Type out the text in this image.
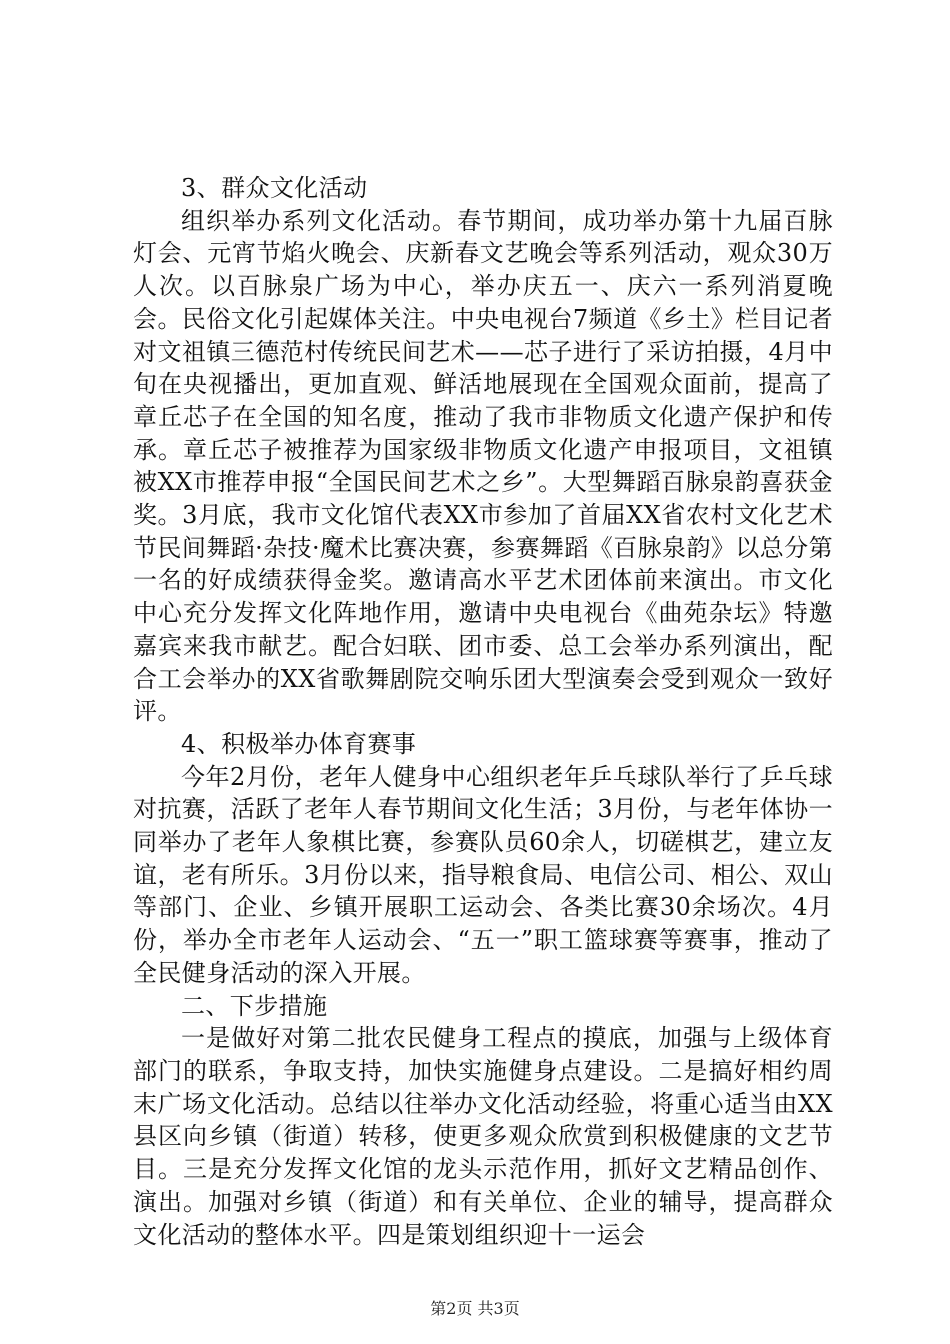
3、群众文化活动

组织举办系列文化活动。春节期间，成功举办第十九届百脉灯会、元宵节焰火晚会、庆新春文艺晚会等系列活动，观众30万人次。以百脉泉广场为中心，举办庆五一、庆六一系列消夏晚会。民俗文化引起媒体关注。中央电视台7频道《乡土》栏目记者对文祖镇三德范村传统民间艺术——芯子进行了采访拍摄，4月中旬在央视播出，更加直观、鲜活地展现在全国观众面前，提高了章丘芯子在全国的知名度，推动了我市非物质文化遗产保护和传承。章丘芯子被推荐为国家级非物质文化遗产申报项目，文祖镇被XX市推荐申报“全国民间艺术之乡”。大型舞蹈百脉泉韵喜获金奖。3月底，我市文化馆代表XX市参加了首届XX省农村文化艺术节民间舞蹈·杂技·魔术比赛决赛，参赛舞蹈《百脉泉韵》以总分第一名的好成绩获得金奖。邀请高水平艺术团体前来演出。市文化中心充分发挥文化阵地作用，邀请中央电视台《曲苑杂坛》特邀嘉宾来我市献艺。配合妇联、团市委、总工会举办系列演出，配合工会举办的XX省歌舞剧院交响乐团大型演奏会受到观众一致好评。

4、积极举办体育赛事

今年2月份，老年人健身中心组织老年乒乓球队举行了乒乓球对抗赛，活跃了老年人春节期间文化生活；3月份，与老年体协一同举办了老年人象棋比赛，参赛队员60余人，切磋棋艺，建立友谊，老有所乐。3月份以来，指导粮食局、电信公司、相公、双山等部门、企业、乡镇开展职工运动会、各类比赛30余场次。4月份，举办全市老年人运动会、“五一”职工篮球赛等赛事，推动了全民健身活动的深入开展。

二、下步措施

一是做好对第二批农民健身工程点的摸底，加强与上级体育部门的联系，争取支持，加快实施健身点建设。二是搞好相约周末广场文化活动。总结以往举办文化活动经验，将重心适当由XX县区向乡镇（街道）转移，使更多观众欣赏到积极健康的文艺节目。三是充分发挥文化馆的龙头示范作用，抓好文艺精品创作、演出。加强对乡镇（街道）和有关单位、企业的辅导，提高群众文化活动的整体水平。四是策划组织迎十一运会

第2页 共3页
